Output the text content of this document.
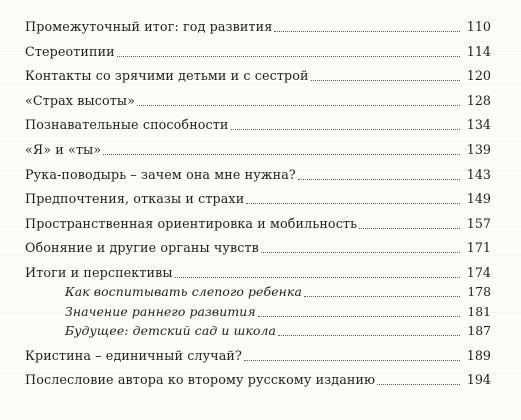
Промежуточный итог: год развития	110
Стереотипии	114
Контакты со зрячими детьми и с сестрой	120
«Страх высоты»	128
Познавательные способности	134
«Я» и «ты»	139
Рука-поводырь – зачем она мне нужна?	143
Предпочтения, отказы и страхи	149
Пространственная ориентировка и мобильность	157
Обоняние и другие органы чувств	171
Итоги и перспективы	174
Как воспитывать слепого ребенка	178
Значение раннего развития	181
Будущее: детский сад и школа	187
Кристина – единичный случай?	189
Послесловие автора ко второму русскому изданию	194
